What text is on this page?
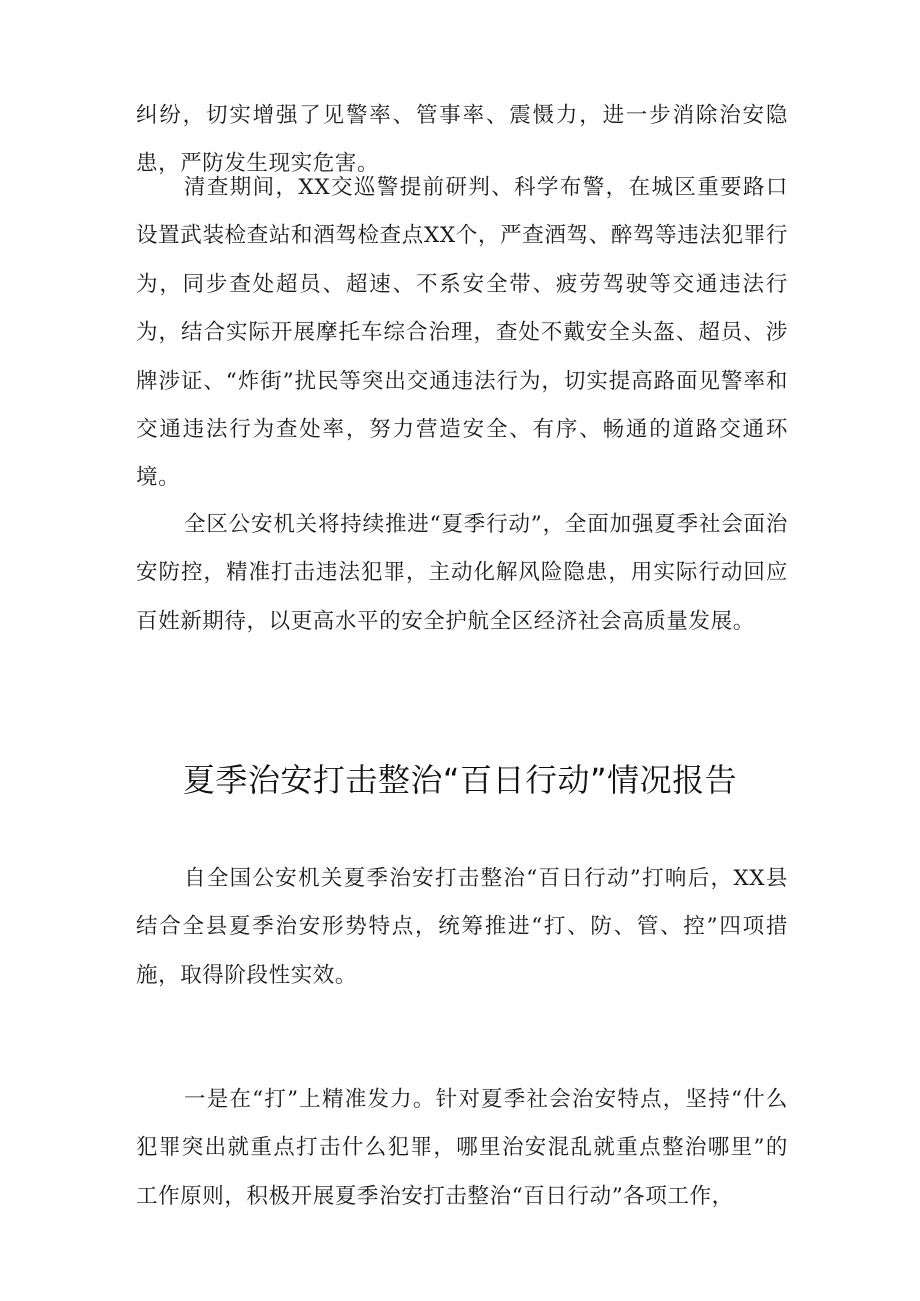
纠纷，切实增强了见警率、管事率、震慑力，进一步消除治安隐患，严防发生现实危害。

清查期间，XX交巡警提前研判、科学布警，在城区重要路口设置武装检查站和酒驾检查点XX个，严查酒驾、醉驾等违法犯罪行为，同步查处超员、超速、不系安全带、疲劳驾驶等交通违法行为，结合实际开展摩托车综合治理，查处不戴安全头盔、超员、涉牌涉证、“炸街”扰民等突出交通违法行为，切实提高路面见警率和交通违法行为查处率，努力营造安全、有序、畅通的道路交通环境。

全区公安机关将持续推进“夏季行动”，全面加强夏季社会面治安防控，精准打击违法犯罪，主动化解风险隐患，用实际行动回应百姓新期待，以更高水平的安全护航全区经济社会高质量发展。

夏季治安打击整治“百日行动”情况报告

自全国公安机关夏季治安打击整治“百日行动”打响后，XX县结合全县夏季治安形势特点，统筹推进“打、防、管、控”四项措施，取得阶段性实效。

一是在“打”上精准发力。针对夏季社会治安特点，坚持“什么犯罪突出就重点打击什么犯罪，哪里治安混乱就重点整治哪里”的工作原则，积极开展夏季治安打击整治“百日行动”各项工作，
